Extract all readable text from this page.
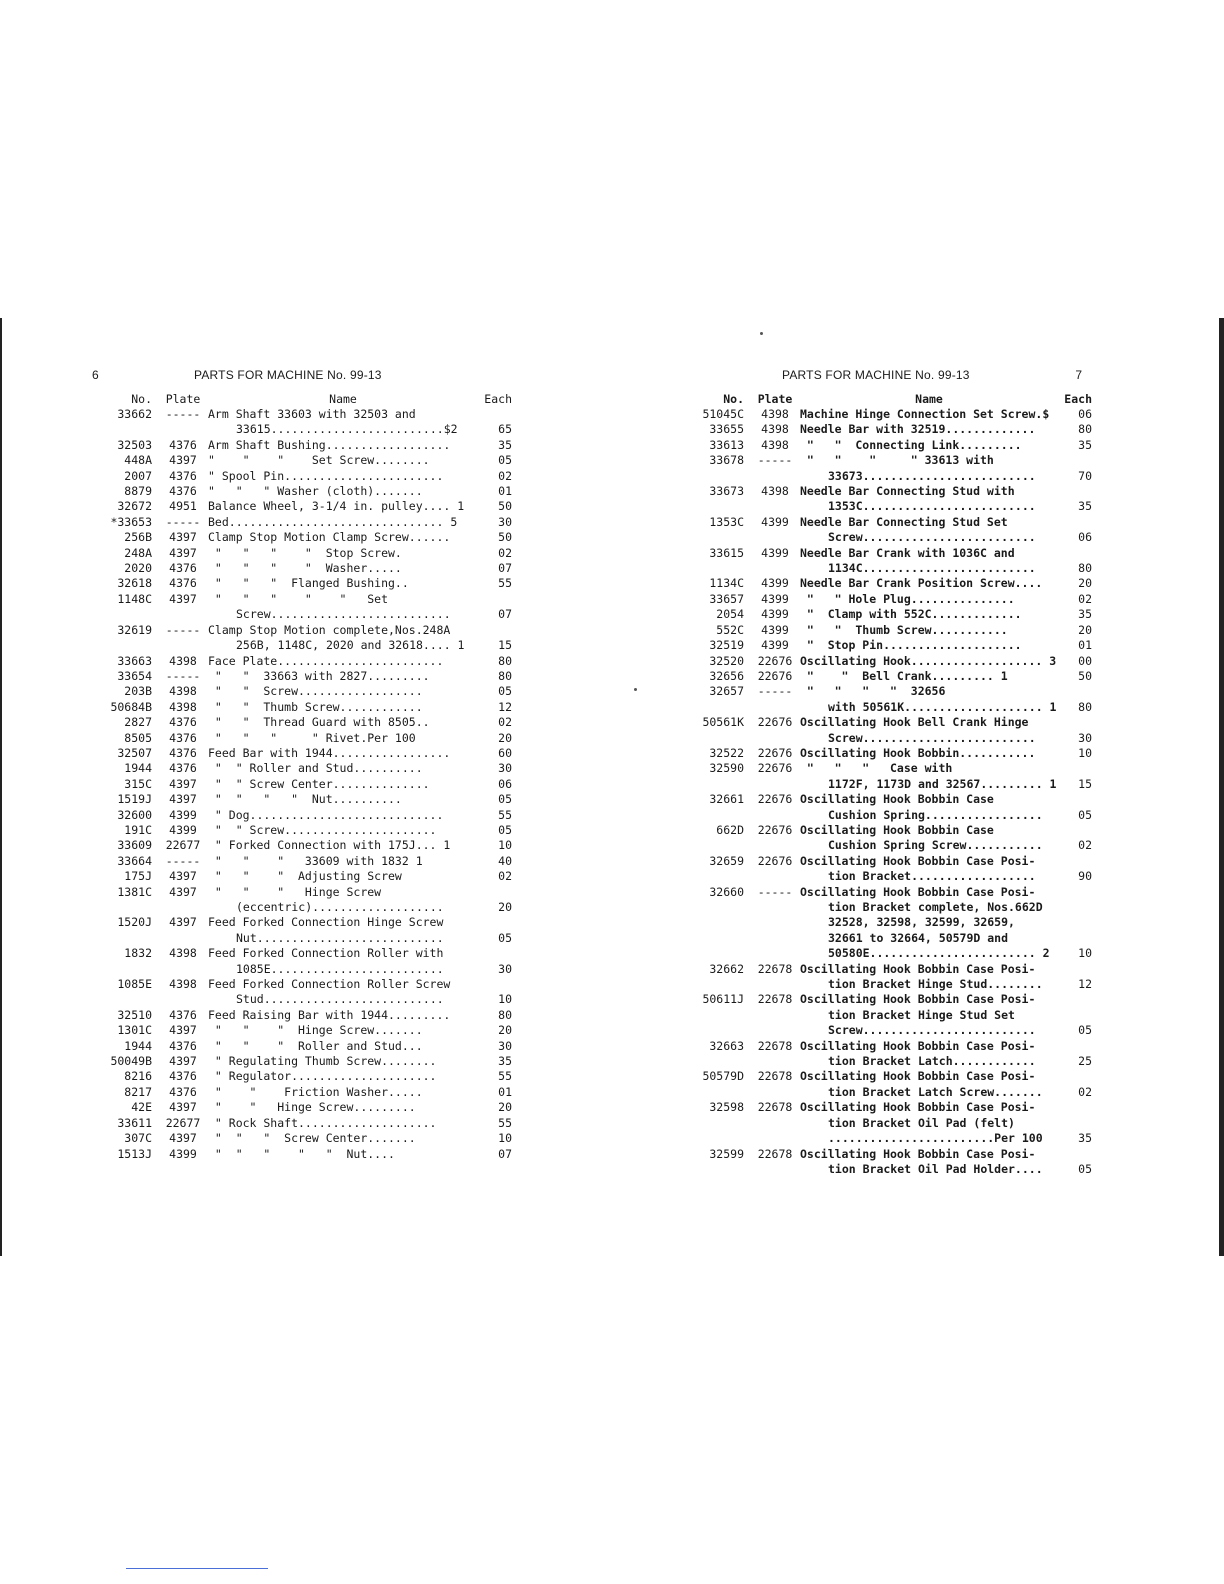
6	PARTS FOR MACHINE No. 99-13
No.	Plate	Name	Each
33662	----- Arm Shaft 33603 with 32503 and
33615.........................$2	65
32503	4376 Arm Shaft Bushing..................	35
448A	4397 "    "    "    Set Screw........	05
2007	4376 " Spool Pin.......................	02
8879	4376 "   "   " Washer (cloth).......	01
32672	4951 Balance Wheel, 3-1/4 in. pulley.... 1	50
*33653	----- Bed............................... 5	30
256B	4397 Clamp Stop Motion Clamp Screw......	50
248A	4397 "   "   "    "  Stop Screw.	02
2020	4376 "   "   "    "  Washer.....	07
32618	4376 "   "   "  Flanged Bushing..	55
1148C	4397 "   "   "    "    "   Set
Screw..........................	07
32619	----- Clamp Stop Motion complete,Nos.248A
256B, 1148C, 2020 and 32618.... 1	15
33663	4398 Face Plate........................	80
33654	----- "   "  33663 with 2827.........	80
203B	4398 "   "  Screw..................	05
50684B	4398 "   "  Thumb Screw............	12
2827	4376 "   "  Thread Guard with 8505..	02
8505	4376 "   "   "     " Rivet.Per 100	20
32507	4376 Feed Bar with 1944.................	60
1944	4376 "  " Roller and Stud..........	30
315C	4397 "  " Screw Center..............	06
1519J	4397 "  "   "   "  Nut..........	05
32600	4399 " Dog............................	55
191C	4399 "  " Screw......................	05
33609	22677 " Forked Connection with 175J... 1	10
33664	----- "   "    "   33609 with 1832 1	40
175J	4397 "   "    "  Adjusting Screw	02
1381C	4397 "   "    "   Hinge Screw
(eccentric)...................	20
1520J	4397 Feed Forked Connection Hinge Screw
Nut...........................	05
1832	4398 Feed Forked Connection Roller with
1085E.........................	30
1085E	4398 Feed Forked Connection Roller Screw
Stud..........................	10
32510	4376 Feed Raising Bar with 1944.........	80
1301C	4397 "   "    "  Hinge Screw.......	20
1944	4376 "   "    "  Roller and Stud...	30
50049B	4397 " Regulating Thumb Screw........	35
8216	4376 " Regulator.....................	55
8217	4376 "    "    Friction Washer.....	01
42E	4397 "    "   Hinge Screw.........	20
33611	22677 " Rock Shaft....................	55
307C	4397 "  "   "  Screw Center.......	10
1513J	4399 "  "   "    "   "  Nut....	07
PARTS FOR MACHINE No. 99-13	7
No.	Plate	Name	Each
51045C	4398 Machine Hinge Connection Set Screw.$	06
33655	4398 Needle Bar with 32519.............	80
33613	4398 "   "  Connecting Link.........	35
33678	----- "   "    "     " 33613 with
33673.........................	70
33673	4398 Needle Bar Connecting Stud with
1353C.........................	35
1353C	4399 Needle Bar Connecting Stud Set
Screw.........................	06
33615	4399 Needle Bar Crank with 1036C and
1134C.........................	80
1134C	4399 Needle Bar Crank Position Screw....	20
33657	4399 "   " Hole Plug...............	02
2054	4399 "  Clamp with 552C.............	35
552C	4399 "   "  Thumb Screw...........	20
32519	4399 "  Stop Pin....................	01
32520	22676 Oscillating Hook................... 3	00
32656	22676 "    "  Bell Crank......... 1	50
32657	----- "   "   "   "  32656
with 50561K.................... 1	80
50561K	22676 Oscillating Hook Bell Crank Hinge
Screw.........................	30
32522	22676 Oscillating Hook Bobbin...........	10
32590	22676 "   "   "   Case with
1172F, 1173D and 32567......... 1	15
32661	22676 Oscillating Hook Bobbin Case
Cushion Spring.................	05
662D	22676 Oscillating Hook Bobbin Case
Cushion Spring Screw...........	02
32659	22676 Oscillating Hook Bobbin Case Posi-
tion Bracket..................	90
32660	----- Oscillating Hook Bobbin Case Posi-
tion Bracket complete, Nos.662D
32528, 32598, 32599, 32659,
32661 to 32664, 50579D and
50580E........................ 2	10
32662	22678 Oscillating Hook Bobbin Case Posi-
tion Bracket Hinge Stud........	12
50611J	22678 Oscillating Hook Bobbin Case Posi-
tion Bracket Hinge Stud Set
Screw.........................	05
32663	22678 Oscillating Hook Bobbin Case Posi-
tion Bracket Latch............	25
50579D	22678 Oscillating Hook Bobbin Case Posi-
tion Bracket Latch Screw.......	02
32598	22678 Oscillating Hook Bobbin Case Posi-
tion Bracket Oil Pad (felt)
........................Per 100	35
32599	22678 Oscillating Hook Bobbin Case Posi-
tion Bracket Oil Pad Holder....	05
